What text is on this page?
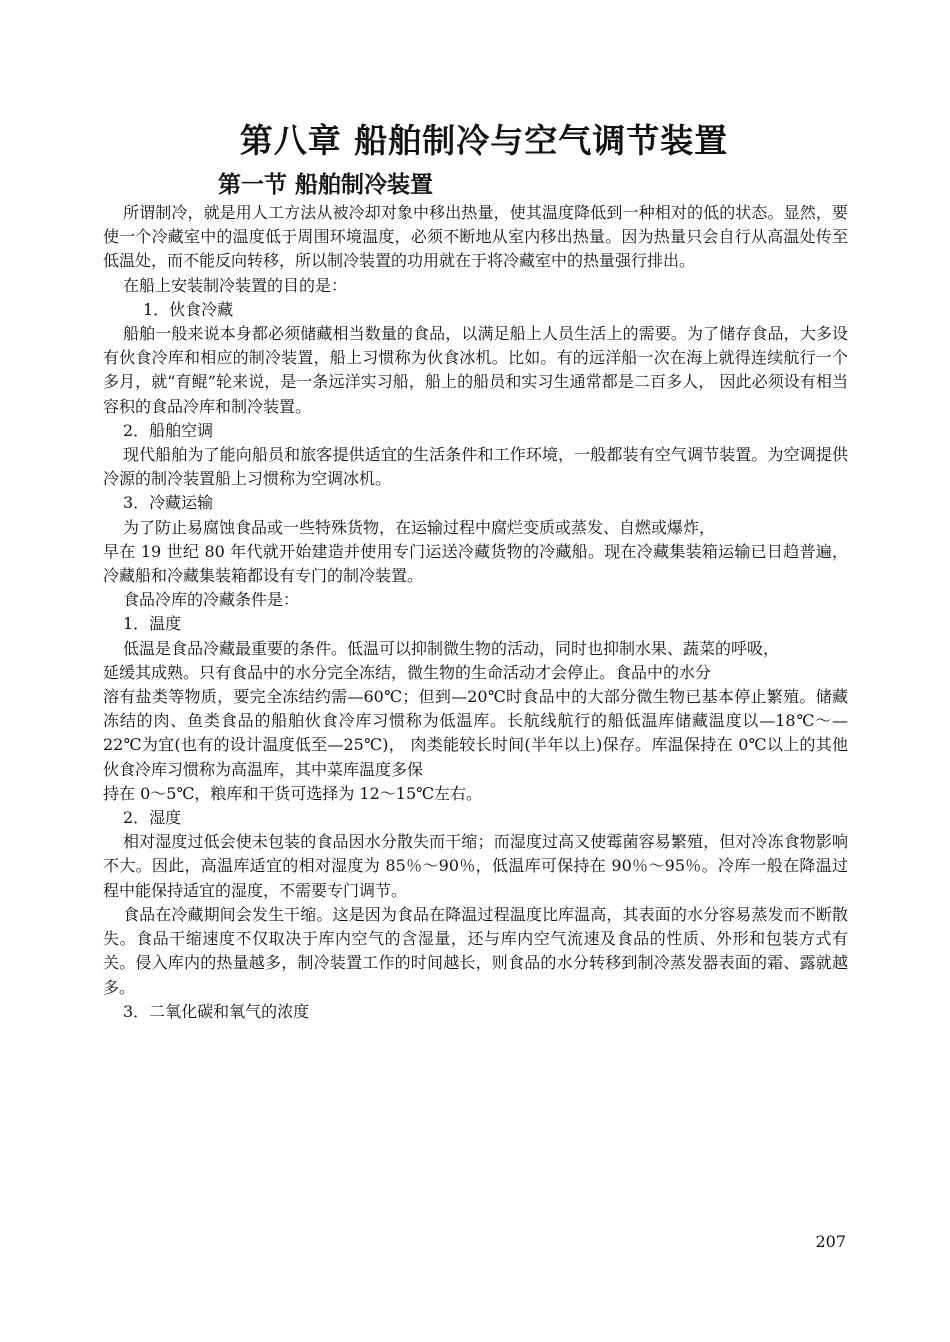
第八章 船舶制冷与空气调节装置
第一节 船舶制冷装置

所谓制冷，就是用人工方法从被冷却对象中移出热量，使其温度降低到一种相对的低的状态。显然，要使一个冷藏室中的温度低于周围环境温度，必须不断地从室内移出热量。因为热量只会自行从高温处传至低温处，而不能反向转移，所以制冷装置的功用就在于将冷藏室中的热量强行排出。

在船上安装制冷装置的目的是：

1．伙食冷藏

船舶一般来说本身都必须储藏相当数量的食品，以满足船上人员生活上的需要。为了储存食品，大多设有伙食冷库和相应的制冷装置，船上习惯称为伙食冰机。比如。有的远洋船一次在海上就得连续航行一个多月，就“育鲲”轮来说，是一条远洋实习船，船上的船员和实习生通常都是二百多人， 因此必须设有相当容积的食品冷库和制冷装置。

2．船舶空调

现代船舶为了能向船员和旅客提供适宜的生活条件和工作环境，一般都装有空气调节装置。为空调提供冷源的制冷装置船上习惯称为空调冰机。

3．冷藏运输

为了防止易腐蚀食品或一些特殊货物，在运输过程中腐烂变质或蒸发、自燃或爆炸，

早在 19 世纪 80 年代就开始建造并使用专门运送冷藏货物的冷藏船。现在冷藏集装箱运输已日趋普遍，冷藏船和冷藏集装箱都设有专门的制冷装置。

食品冷库的冷藏条件是：

1．温度

低温是食品冷藏最重要的条件。低温可以抑制微生物的活动，同时也抑制水果、蔬菜的呼吸，

延缓其成熟。只有食品中的水分完全冻结，微生物的生命活动才会停止。食品中的水分

溶有盐类等物质，要完全冻结约需—60℃；但到—20℃时食品中的大部分微生物已基本停止繁殖。储藏冻结的肉、鱼类食品的船舶伙食冷库习惯称为低温库。长航线航行的船低温库储藏温度以—18℃～—22℃为宜(也有的设计温度低至—25℃)， 肉类能较长时间(半年以上)保存。库温保持在 0℃以上的其他伙食冷库习惯称为高温库，其中菜库温度多保

持在 0～5℃，粮库和干货可选择为 12～15℃左右。

2．湿度

相对湿度过低会使未包装的食品因水分散失而干缩；而湿度过高又使霉菌容易繁殖，但对冷冻食物影响不大。因此，高温库适宜的相对湿度为 85％～90％，低温库可保持在 90％～95％。冷库一般在降温过程中能保持适宜的湿度，不需要专门调节。

食品在冷藏期间会发生干缩。这是因为食品在降温过程温度比库温高，其表面的水分容易蒸发而不断散失。食品干缩速度不仅取决于库内空气的含湿量，还与库内空气流速及食品的性质、外形和包装方式有关。侵入库内的热量越多，制冷装置工作的时间越长，则食品的水分转移到制冷蒸发器表面的霜、露就越多。

3．二氧化碳和氧气的浓度

207
